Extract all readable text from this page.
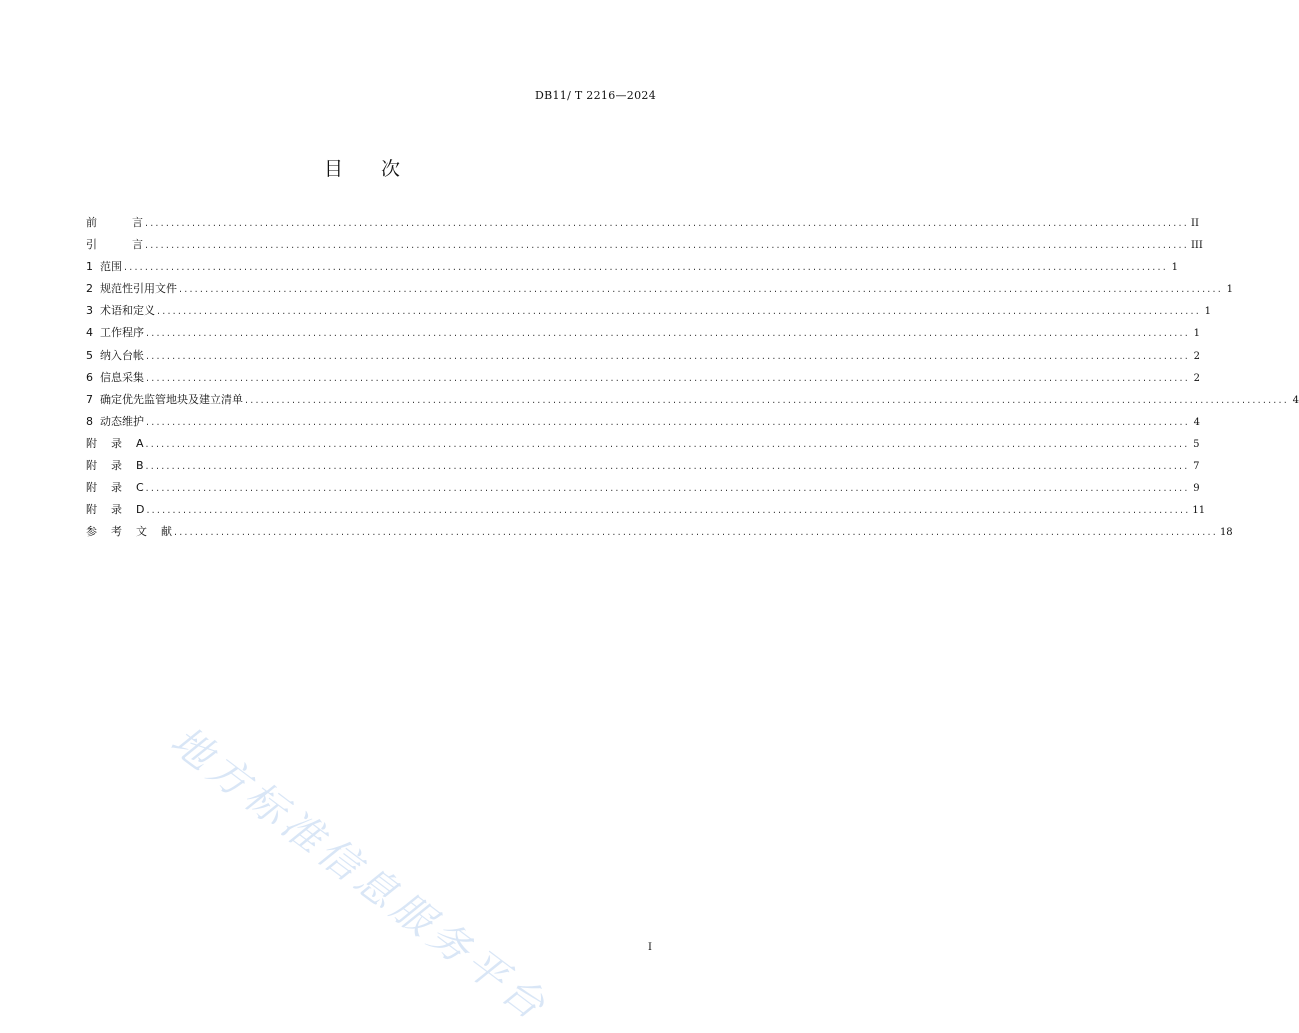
DB11/ T 2216—2024
目 次
前          言 ........................................................................................................................................................................................................ II
引          言 ........................................................................................................................................................................................................ III
1  范围 ........................................................................................................................................................................................................ 1
2  规范性引用文件 ........................................................................................................................................................................................................ 1
3  术语和定义 ........................................................................................................................................................................................................ 1
4  工作程序 ........................................................................................................................................................................................................ 1
5  纳入台帐 ........................................................................................................................................................................................................ 2
6  信息采集 ........................................................................................................................................................................................................ 2
7  确定优先监管地块及建立清单 ........................................................................................................................................................................................................ 4
8  动态维护 ........................................................................................................................................................................................................ 4
附    录    A ........................................................................................................................................................................................................ 5
附    录    B ........................................................................................................................................................................................................ 7
附    录    C ........................................................................................................................................................................................................ 9
附    录    D ........................................................................................................................................................................................................ 11
参    考    文    献 ........................................................................................................................................................................................................ 18
地方标准信息服务平台	I
